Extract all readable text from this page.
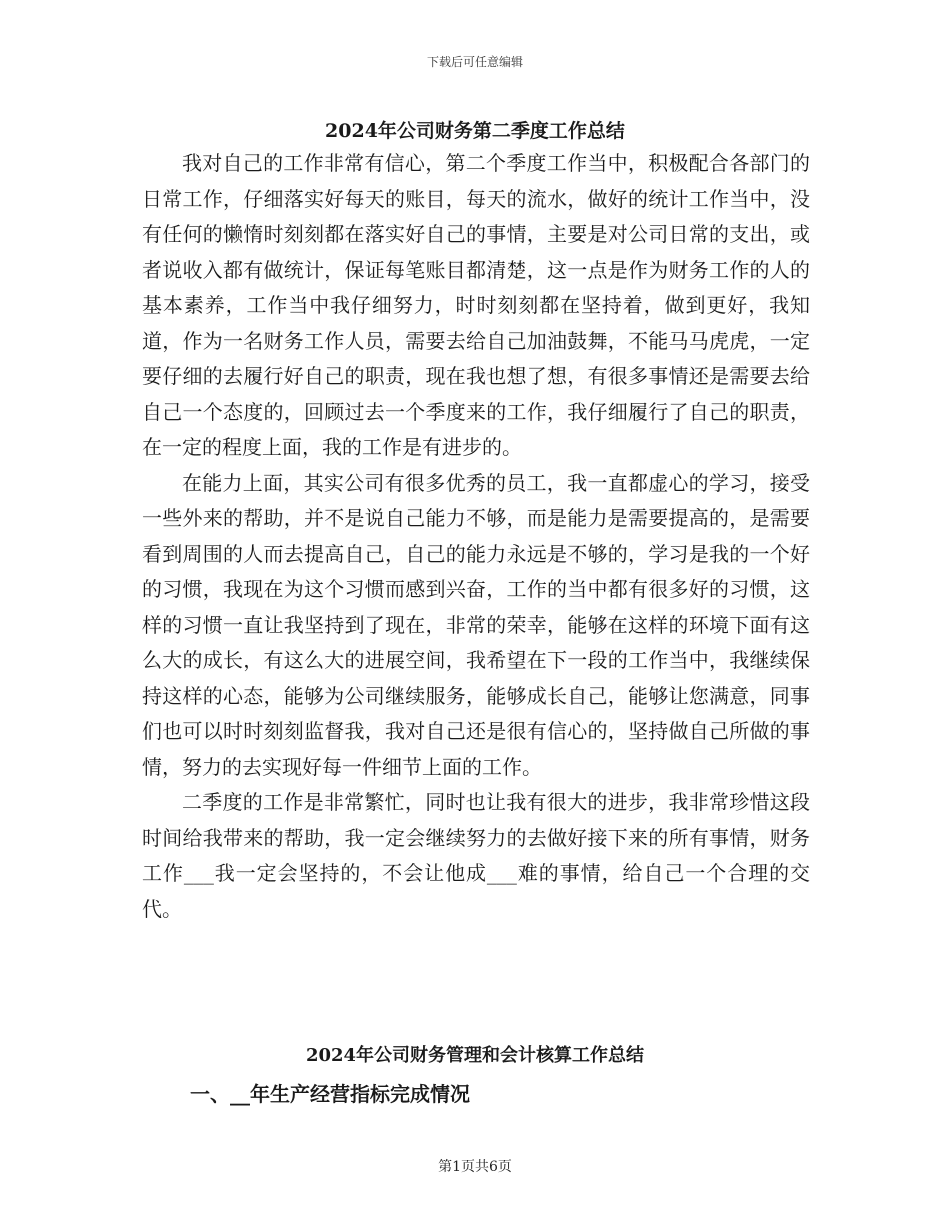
下载后可任意编辑
2024年公司财务第二季度工作总结

我对自己的工作非常有信心，第二个季度工作当中，积极配合各部门的日常工作，仔细落实好每天的账目，每天的流水，做好的统计工作当中，没有任何的懒惰时刻刻都在落实好自己的事情，主要是对公司日常的支出，或者说收入都有做统计，保证每笔账目都清楚，这一点是作为财务工作的人的基本素养，工作当中我仔细努力，时时刻刻都在坚持着，做到更好，我知道，作为一名财务工作人员，需要去给自己加油鼓舞，不能马马虎虎，一定要仔细的去履行好自己的职责，现在我也想了想，有很多事情还是需要去给自己一个态度的，回顾过去一个季度来的工作，我仔细履行了自己的职责，在一定的程度上面，我的工作是有进步的。

在能力上面，其实公司有很多优秀的员工，我一直都虚心的学习，接受一些外来的帮助，并不是说自己能力不够，而是能力是需要提高的，是需要看到周围的人而去提高自己，自己的能力永远是不够的，学习是我的一个好的习惯，我现在为这个习惯而感到兴奋，工作的当中都有很多好的习惯，这样的习惯一直让我坚持到了现在，非常的荣幸，能够在这样的环境下面有这么大的成长，有这么大的进展空间，我希望在下一段的工作当中，我继续保持这样的心态，能够为公司继续服务，能够成长自己，能够让您满意，同事们也可以时时刻刻监督我，我对自己还是很有信心的，坚持做自己所做的事情，努力的去实现好每一件细节上面的工作。

二季度的工作是非常繁忙，同时也让我有很大的进步，我非常珍惜这段时间给我带来的帮助，我一定会继续努力的去做好接下来的所有事情，财务工作___我一定会坚持的，不会让他成___难的事情，给自己一个合理的交代。

2024年公司财务管理和会计核算工作总结
一、__年生产经营指标完成情况
第1页共6页
